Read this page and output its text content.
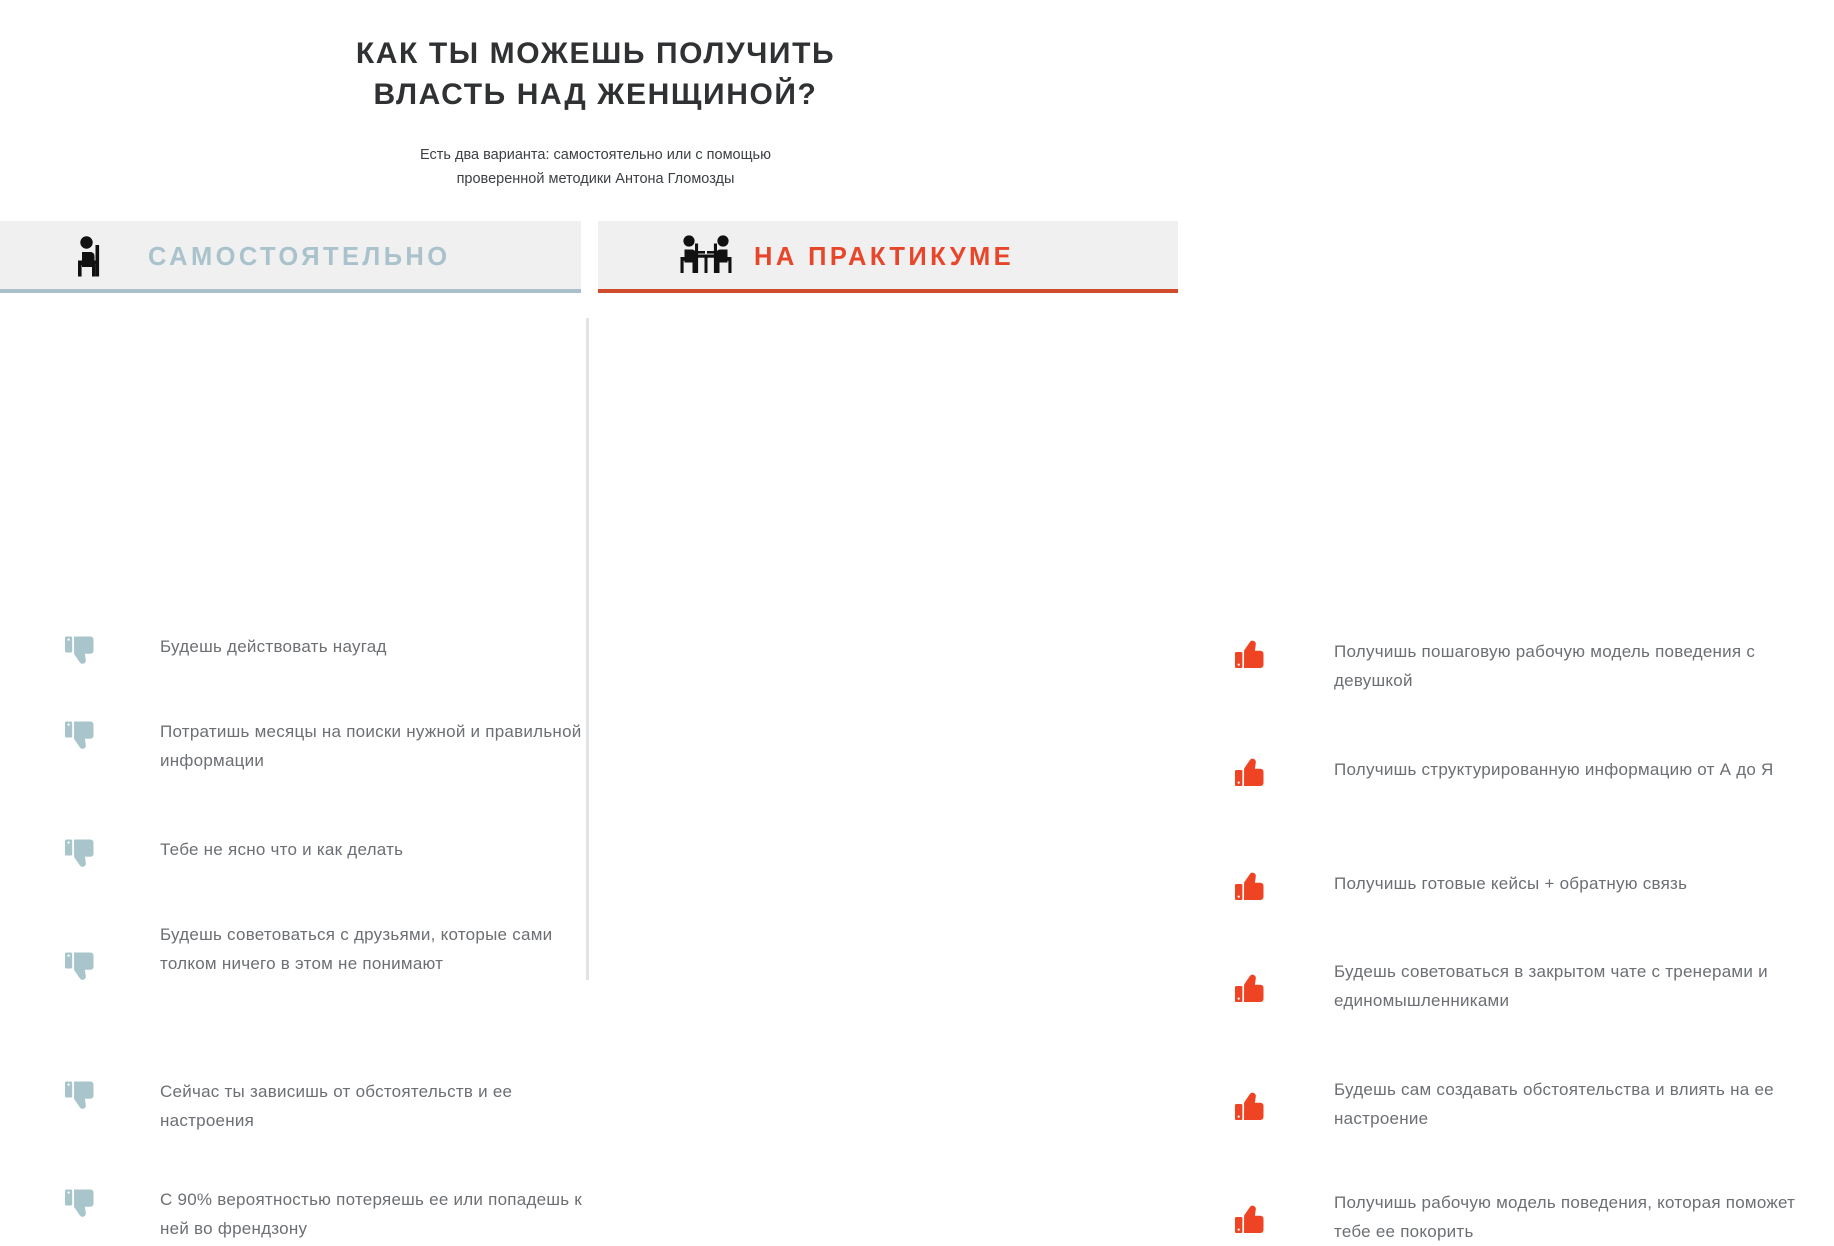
КАК ТЫ МОЖЕШЬ ПОЛУЧИТЬ
ВЛАСТЬ НАД ЖЕНЩИНОЙ?

Есть два варианта: самостоятельно или с помощью
проверенной методики Антона Гломозды

САМОСТОЯТЕЛЬНО	НА ПРАКТИКУМЕ
Будешь действовать наугад
Потратишь месяцы на поиски нужной и правильной информации
Тебе не ясно что и как делать
Будешь советоваться с друзьями, которые сами толком ничего в этом не понимают
Сейчас ты зависишь от обстоятельств и ее настроения
С 90% вероятностью потеряешь ее или попадешь к ней во френдзону
Получишь пошаговую рабочую модель поведения с девушкой
Получишь структурированную информацию от А до Я
Получишь готовые кейсы + обратную связь
Будешь советоваться в закрытом чате с тренерами и единомышленниками
Будешь сам создавать обстоятельства и влиять на ее настроение
Получишь рабочую модель поведения, которая поможет тебе ее покорить
